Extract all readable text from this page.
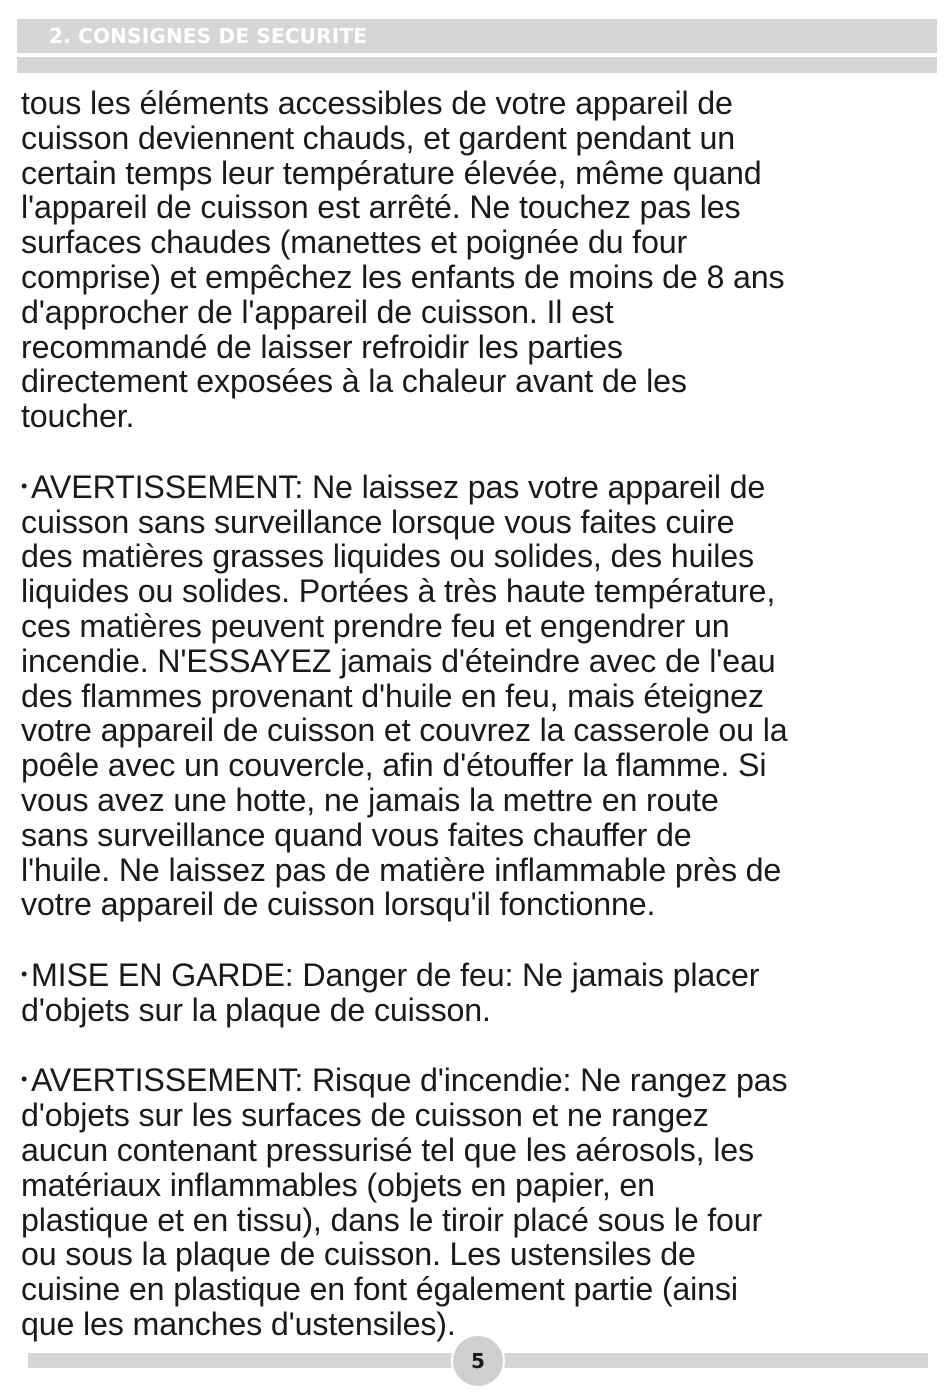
2. CONSIGNES DE SECURITE
tous les éléments accessibles de votre appareil de
cuisson deviennent chauds, et gardent pendant un
certain temps leur température élevée, même quand
l'appareil de cuisson est arrêté. Ne touchez pas les
surfaces chaudes (manettes et poignée du four
comprise) et empêchez les enfants de moins de 8 ans
d'approcher de l'appareil de cuisson. Il est
recommandé de laisser refroidir les parties
directement exposées à la chaleur avant de les
toucher.
• AVERTISSEMENT: Ne laissez pas votre appareil de
cuisson sans surveillance lorsque vous faites cuire
des matières grasses liquides ou solides, des huiles
liquides ou solides. Portées à très haute température,
ces matières peuvent prendre feu et engendrer un
incendie. N'ESSAYEZ jamais d'éteindre avec de l'eau
des flammes provenant d'huile en feu, mais éteignez
votre appareil de cuisson et couvrez la casserole ou la
poêle avec un couvercle, afin d'étouffer la flamme. Si
vous avez une hotte, ne jamais la mettre en route
sans surveillance quand vous faites chauffer de
l'huile. Ne laissez pas de matière inflammable près de
votre appareil de cuisson lorsqu'il fonctionne.
• MISE EN GARDE: Danger de feu: Ne jamais placer
d'objets sur la plaque de cuisson.
• AVERTISSEMENT: Risque d'incendie: Ne rangez pas
d'objets sur les surfaces de cuisson et ne rangez
aucun contenant pressurisé tel que les aérosols, les
matériaux inflammables (objets en papier, en
plastique et en tissu), dans le tiroir placé sous le four
ou sous la plaque de cuisson. Les ustensiles de
cuisine en plastique en font également partie (ainsi
que les manches d'ustensiles).
5
